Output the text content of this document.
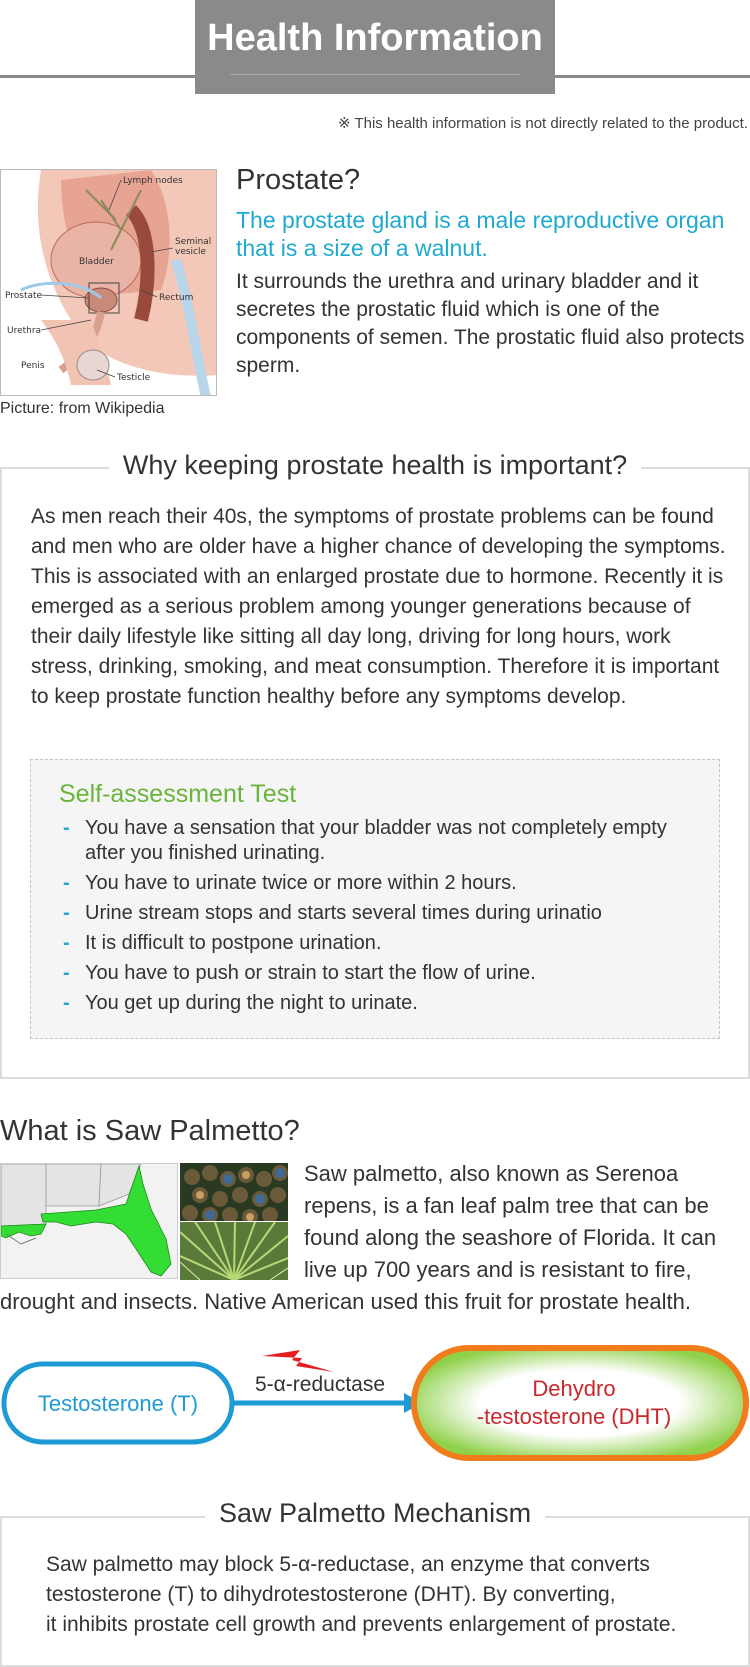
Health Information
※ This health information is not directly related to the product.
Lymph nodes
Seminal
vesicle
Bladder
Prostate	Rectum
Urethra
Penis
Testicle
Picture: from Wikipedia
Prostate?
The prostate gland is a male reproductive organ that is a size of a walnut.
It surrounds the urethra and urinary bladder and it secretes the prostatic fluid which is one of the components of semen. The prostatic fluid also protects sperm.
Why keeping prostate health is important?
As men reach their 40s, the symptoms of prostate problems can be found and men who are older have a higher chance of developing the symptoms. This is associated with an enlarged prostate due to hormone. Recently it is emerged as a serious problem among younger generations because of their daily lifestyle like sitting all day long, driving for long hours, work stress, drinking, smoking, and meat consumption. Therefore it is important to keep prostate function healthy before any symptoms develop.
Self-assessment Test
- You have a sensation that your bladder was not completely empty after you finished urinating.
- You have to urinate twice or more within 2 hours.
- Urine stream stops and starts several times during urinatio
- It is difficult to postpone urination.
- You have to push or strain to start the flow of urine.
- You get up during the night to urinate.
What is Saw Palmetto?
Saw palmetto, also known as Serenoa repens, is a fan leaf palm tree that can be found along the seashore of Florida. It can live up 700 years and is resistant to fire, drought and insects. Native American used this fruit for prostate health.
Testosterone (T)
5-α-reductase	Dehydro
-testosterone (DHT)
Saw Palmetto Mechanism
Saw palmetto may block 5-α-reductase, an enzyme that converts
testosterone (T) to dihydrotestosterone (DHT). By converting,
it inhibits prostate cell growth and prevents enlargement of prostate.
